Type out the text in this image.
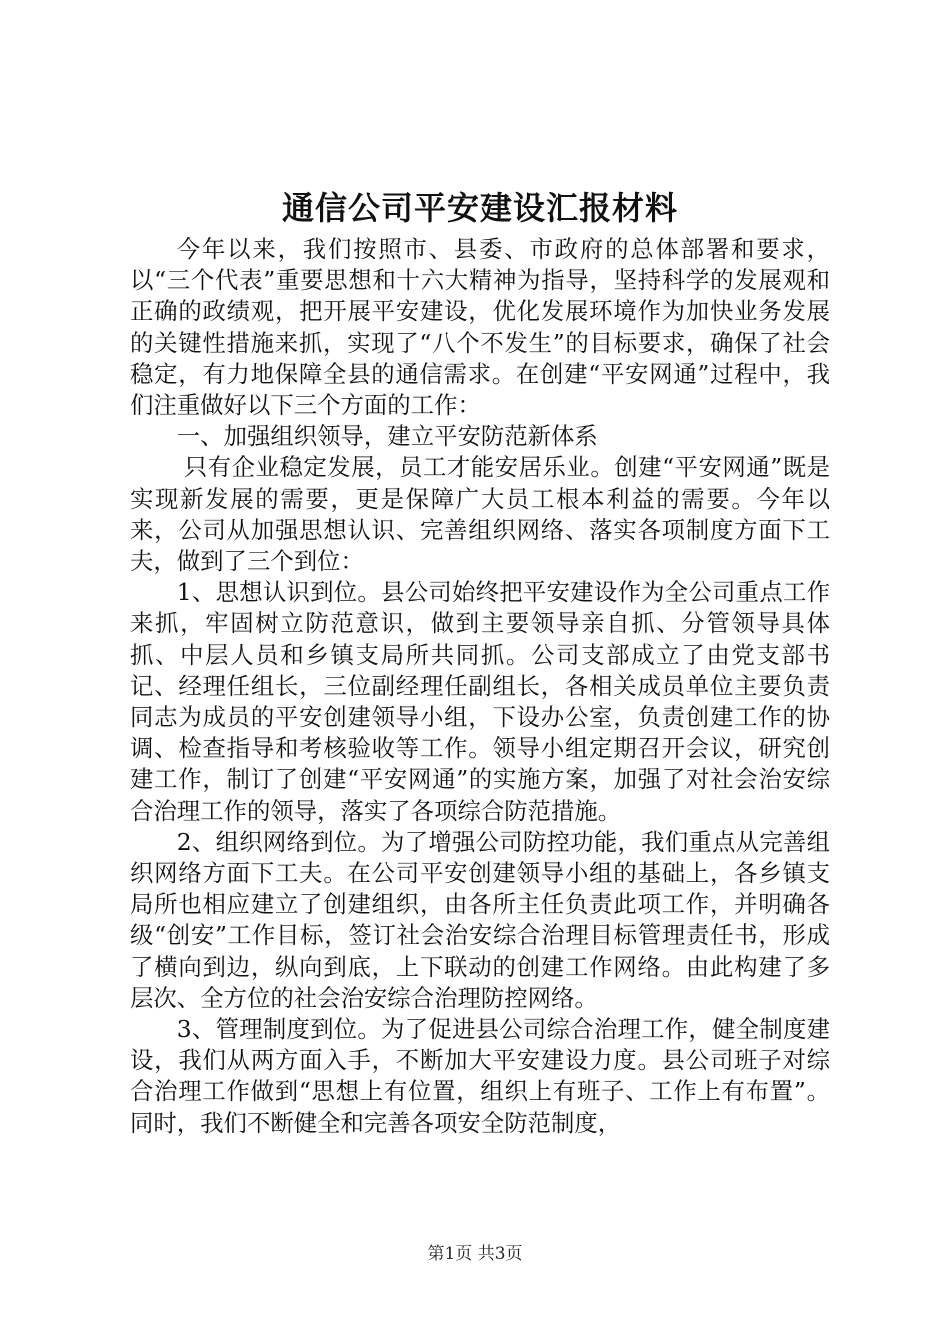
通信公司平安建设汇报材料

今年以来，我们按照市、县委、市政府的总体部署和要求，以“三个代表”重要思想和十六大精神为指导，坚持科学的发展观和正确的政绩观，把开展平安建设，优化发展环境作为加快业务发展的关键性措施来抓，实现了“八个不发生”的目标要求，确保了社会稳定，有力地保障全县的通信需求。在创建“平安网通”过程中，我们注重做好以下三个方面的工作：

一、加强组织领导，建立平安防范新体系

只有企业稳定发展，员工才能安居乐业。创建“平安网通”既是实现新发展的需要，更是保障广大员工根本利益的需要。今年以来，公司从加强思想认识、完善组织网络、落实各项制度方面下工夫，做到了三个到位：

1、思想认识到位。县公司始终把平安建设作为全公司重点工作来抓，牢固树立防范意识，做到主要领导亲自抓、分管领导具体抓、中层人员和乡镇支局所共同抓。公司支部成立了由党支部书记、经理任组长，三位副经理任副组长，各相关成员单位主要负责同志为成员的平安创建领导小组，下设办公室，负责创建工作的协调、检查指导和考核验收等工作。领导小组定期召开会议，研究创建工作，制订了创建“平安网通”的实施方案，加强了对社会治安综合治理工作的领导，落实了各项综合防范措施。

2、组织网络到位。为了增强公司防控功能，我们重点从完善组织网络方面下工夫。在公司平安创建领导小组的基础上，各乡镇支局所也相应建立了创建组织，由各所主任负责此项工作，并明确各级“创安”工作目标，签订社会治安综合治理目标管理责任书，形成了横向到边，纵向到底，上下联动的创建工作网络。由此构建了多层次、全方位的社会治安综合治理防控网络。

3、管理制度到位。为了促进县公司综合治理工作，健全制度建设，我们从两方面入手，不断加大平安建设力度。县公司班子对综合治理工作做到“思想上有位置，组织上有班子、工作上有布置”。同时，我们不断健全和完善各项安全防范制度，

第1页 共3页
